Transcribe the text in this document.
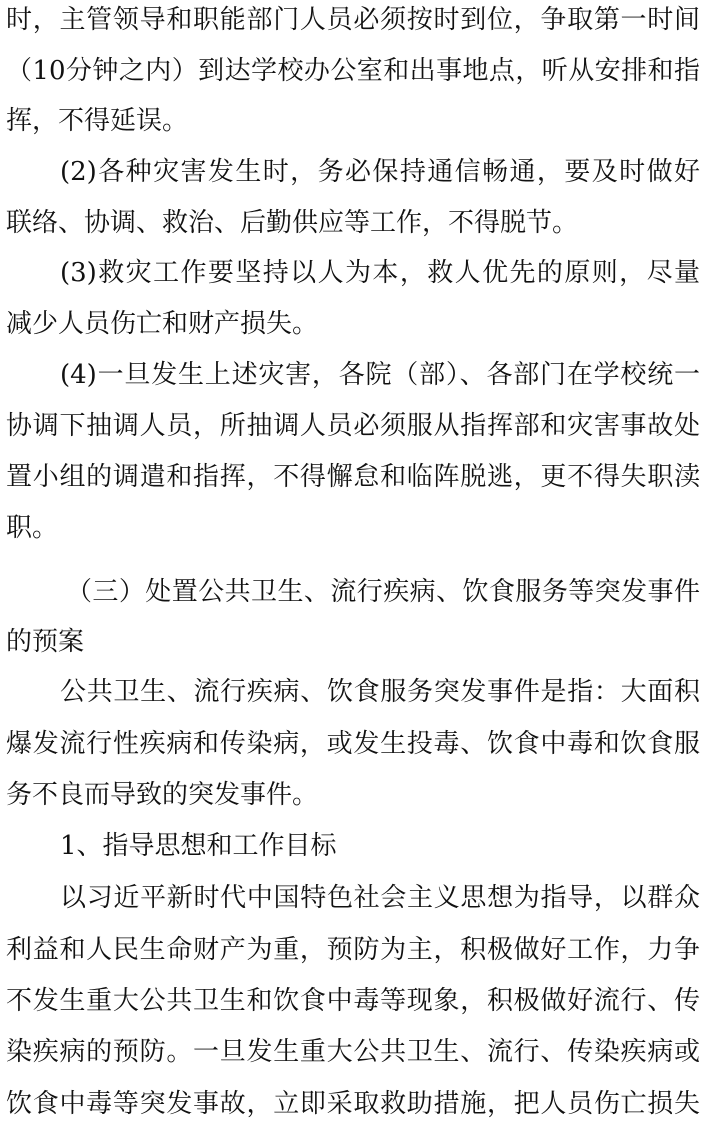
时，主管领导和职能部门人员必须按时到位，争取第一时间
（10分钟之内）到达学校办公室和出事地点，听从安排和指
挥，不得延误。
(2)各种灾害发生时，务必保持通信畅通，要及时做好
联络、协调、救治、后勤供应等工作，不得脱节。
(3)救灾工作要坚持以人为本，救人优先的原则，尽量
减少人员伤亡和财产损失。
(4)一旦发生上述灾害，各院（部）、各部门在学校统一
协调下抽调人员，所抽调人员必须服从指挥部和灾害事故处
置小组的调遣和指挥，不得懈怠和临阵脱逃，更不得失职渎
职。
（三）处置公共卫生、流行疾病、饮食服务等突发事件
的预案
公共卫生、流行疾病、饮食服务突发事件是指：大面积
爆发流行性疾病和传染病，或发生投毒、饮食中毒和饮食服
务不良而导致的突发事件。
1、指导思想和工作目标
以习近平新时代中国特色社会主义思想为指导，以群众
利益和人民生命财产为重，预防为主，积极做好工作，力争
不发生重大公共卫生和饮食中毒等现象，积极做好流行、传
染疾病的预防。一旦发生重大公共卫生、流行、传染疾病或
饮食中毒等突发事故，立即采取救助措施，把人员伤亡损失
